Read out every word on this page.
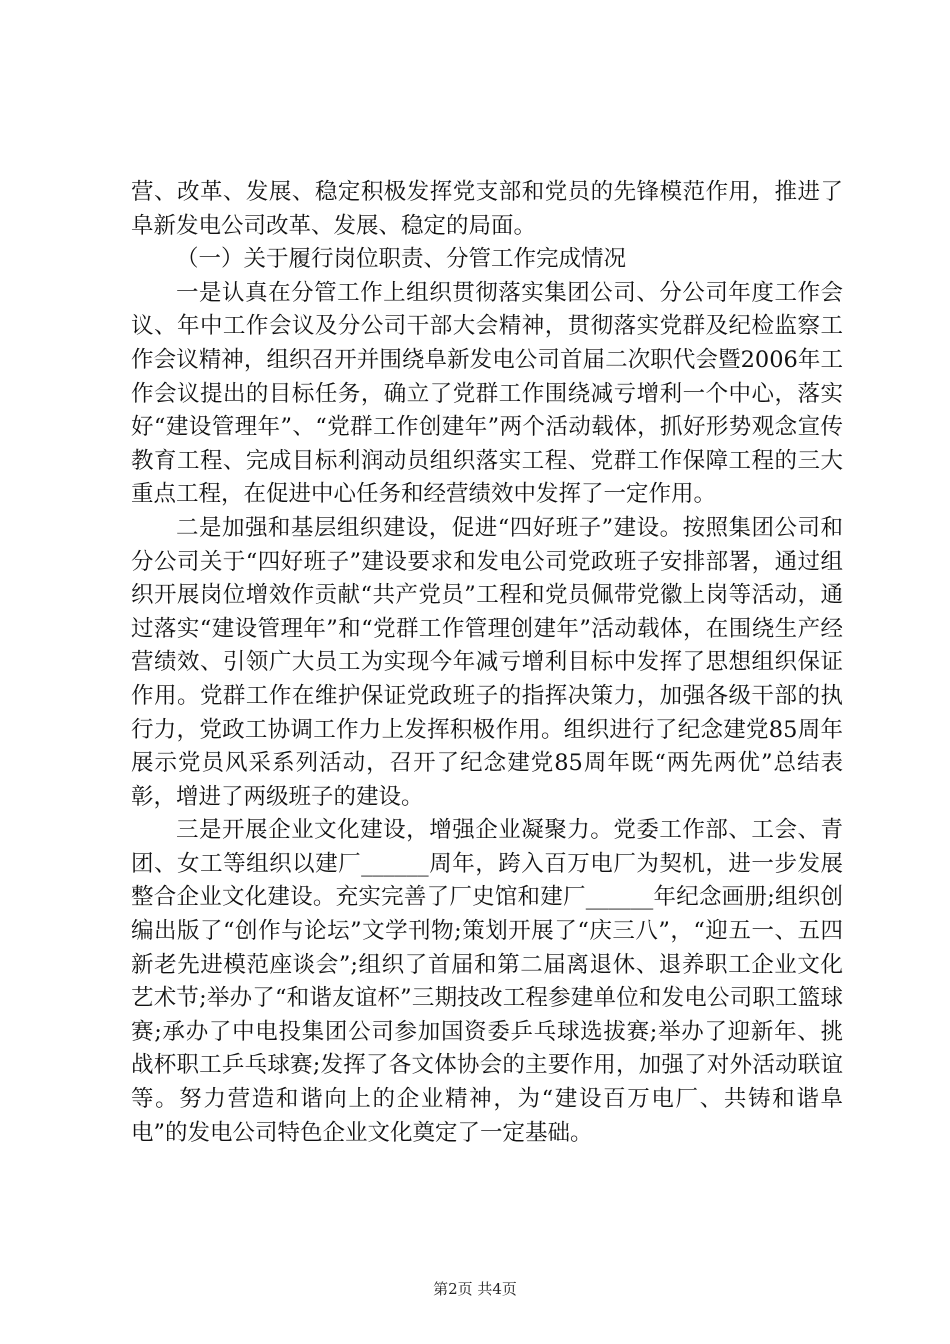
营、改革、发展、稳定积极发挥党支部和党员的先锋模范作用，推进了阜新发电公司改革、发展、稳定的局面。

（一）关于履行岗位职责、分管工作完成情况

一是认真在分管工作上组织贯彻落实集团公司、分公司年度工作会议、年中工作会议及分公司干部大会精神，贯彻落实党群及纪检监察工作会议精神，组织召开并围绕阜新发电公司首届二次职代会暨2006年工作会议提出的目标任务，确立了党群工作围绕减亏增利一个中心，落实好“建设管理年”、“党群工作创建年”两个活动载体，抓好形势观念宣传教育工程、完成目标利润动员组织落实工程、党群工作保障工程的三大重点工程，在促进中心任务和经营绩效中发挥了一定作用。

二是加强和基层组织建设，促进“四好班子”建设。按照集团公司和分公司关于“四好班子”建设要求和发电公司党政班子安排部署，通过组织开展岗位增效作贡献“共产党员”工程和党员佩带党徽上岗等活动，通过落实“建设管理年”和“党群工作管理创建年”活动载体，在围绕生产经营绩效、引领广大员工为实现今年减亏增利目标中发挥了思想组织保证作用。党群工作在维护保证党政班子的指挥决策力，加强各级干部的执行力，党政工协调工作力上发挥积极作用。组织进行了纪念建党85周年展示党员风采系列活动，召开了纪念建党85周年既“两先两优”总结表彰，增进了两级班子的建设。

三是开展企业文化建设，增强企业凝聚力。党委工作部、工会、青团、女工等组织以建厂______周年，跨入百万电厂为契机，进一步发展整合企业文化建设。充实完善了厂史馆和建厂______年纪念画册;组织创编出版了“创作与论坛”文学刊物;策划开展了“庆三八”，“迎五一、五四新老先进模范座谈会”;组织了首届和第二届离退休、退养职工企业文化艺术节;举办了“和谐友谊杯”三期技改工程参建单位和发电公司职工篮球赛;承办了中电投集团公司参加国资委乒乓球选拔赛;举办了迎新年、挑战杯职工乒乓球赛;发挥了各文体协会的主要作用，加强了对外活动联谊等。努力营造和谐向上的企业精神，为“建设百万电厂、共铸和谐阜电”的发电公司特色企业文化奠定了一定基础。

第2页 共4页
